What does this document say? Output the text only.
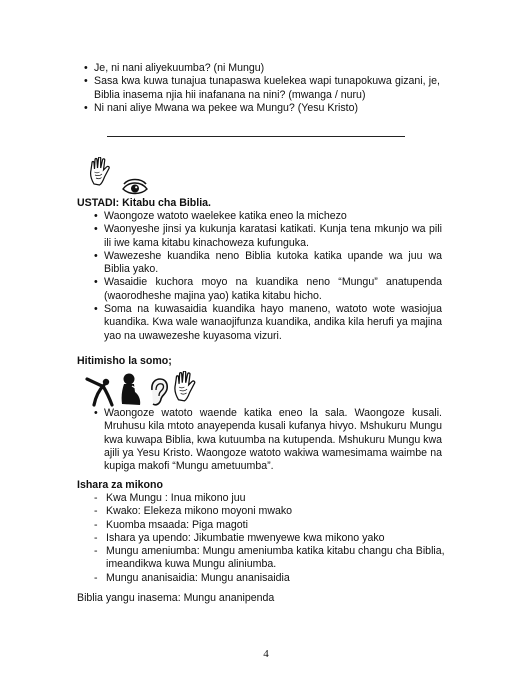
• Je, ni nani aliyekuumba? (ni Mungu)
• Sasa kwa kuwa tunajua tunapaswa kuelekea wapi tunapokuwa gizani, je, Biblia inasema njia hii inafanana na nini? (mwanga / nuru)
• Ni nani aliye Mwana wa pekee wa Mungu? (Yesu Kristo)
USTADI: Kitabu cha Biblia.
• Waongoze watoto waelekee katika eneo la michezo
• Waonyeshe jinsi ya kukunja karatasi katikati. Kunja tena mkunjo wa pili ili iwe kama kitabu kinachoweza kufunguka.
• Wawezeshe kuandika neno Biblia kutoka katika upande wa juu wa Biblia yako.
• Wasaidie kuchora moyo na kuandika neno “Mungu” anatupenda (waorodheshe majina yao) katika kitabu hicho.
• Soma na kuwasaidia kuandika hayo maneno, watoto wote wasiojua kuandika. Kwa wale wanaojifunza kuandika, andika kila herufi ya majina yao na uwawezeshe kuyasoma vizuri.
Hitimisho la somo;
• Waongoze watoto waende katika eneo la sala. Waongoze kusali. Mruhusu kila mtoto anayependa kusali kufanya hivyo. Mshukuru Mungu kwa kuwapa Biblia, kwa kutuumba na kutupenda. Mshukuru Mungu kwa ajili ya Yesu Kristo. Waongoze watoto wakiwa wamesimama waimbe na kupiga makofi “Mungu ametuumba”.
Ishara za mikono
- Kwa Mungu : Inua mikono juu
- Kwako: Elekeza mikono moyoni mwako
- Kuomba msaada: Piga magoti
- Ishara ya upendo: Jikumbatie mwenyewe kwa mikono yako
- Mungu ameniumba: Mungu ameniumba katika kitabu changu cha Biblia, imeandikwa kuwa Mungu aliniumba.
- Mungu ananisaidia: Mungu ananisaidia
Biblia yangu inasema: Mungu ananipenda
4
